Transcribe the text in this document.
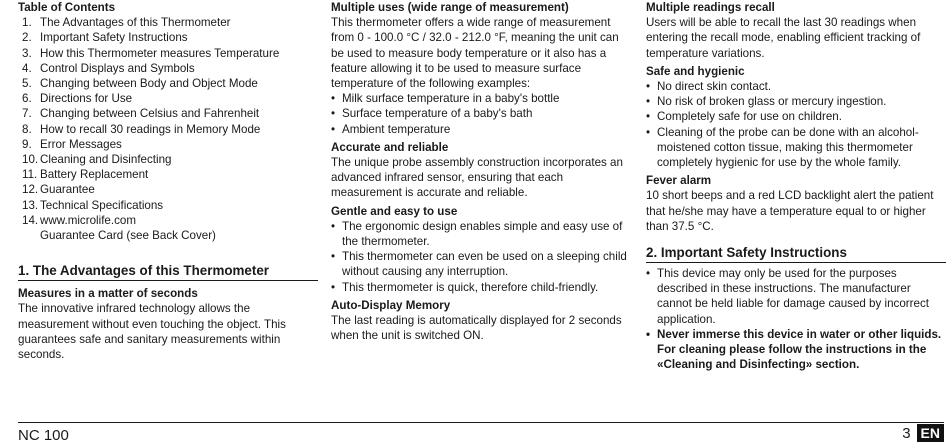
Table of Contents

1. The Advantages of this Thermometer
2. Important Safety Instructions
3. How this Thermometer measures Temperature
4. Control Displays and Symbols
5. Changing between Body and Object Mode
6. Directions for Use
7. Changing between Celsius and Fahrenheit
8. How to recall 30 readings in Memory Mode
9. Error Messages
10. Cleaning and Disinfecting
11. Battery Replacement
12. Guarantee
13. Technical Specifications
14. www.microlife.com
Guarantee Card (see Back Cover)
1. The Advantages of this Thermometer

Measures in a matter of seconds

The innovative infrared technology allows the measurement without even touching the object. This guarantees safe and sanitary measurements within seconds.

Multiple uses (wide range of measurement)

This thermometer offers a wide range of measurement from 0 - 100.0 °C / 32.0 - 212.0 °F, meaning the unit can be used to measure body temperature or it also has a feature allowing it to be used to measure surface temperature of the following examples:

• Milk surface temperature in a baby's bottle
• Surface temperature of a baby's bath
• Ambient temperature

Accurate and reliable

The unique probe assembly construction incorporates an advanced infrared sensor, ensuring that each measurement is accurate and reliable.

Gentle and easy to use

• The ergonomic design enables simple and easy use of the thermometer.
• This thermometer can even be used on a sleeping child without causing any interruption.
• This thermometer is quick, therefore child-friendly.

Auto-Display Memory

The last reading is automatically displayed for 2 seconds when the unit is switched ON.

Multiple readings recall

Users will be able to recall the last 30 readings when entering the recall mode, enabling efficient tracking of temperature variations.

Safe and hygienic

• No direct skin contact.
• No risk of broken glass or mercury ingestion.
• Completely safe for use on children.
• Cleaning of the probe can be done with an alcohol-moistened cotton tissue, making this thermometer completely hygienic for use by the whole family.

Fever alarm

10 short beeps and a red LCD backlight alert the patient that he/she may have a temperature equal to or higher than 37.5 °C.

2. Important Safety Instructions
• This device may only be used for the purposes described in these instructions. The manufacturer cannot be held liable for damage caused by incorrect application.
• Never immerse this device in water or other liquids. For cleaning please follow the instructions in the «Cleaning and Disinfecting» section.
NC 100	3 EN
